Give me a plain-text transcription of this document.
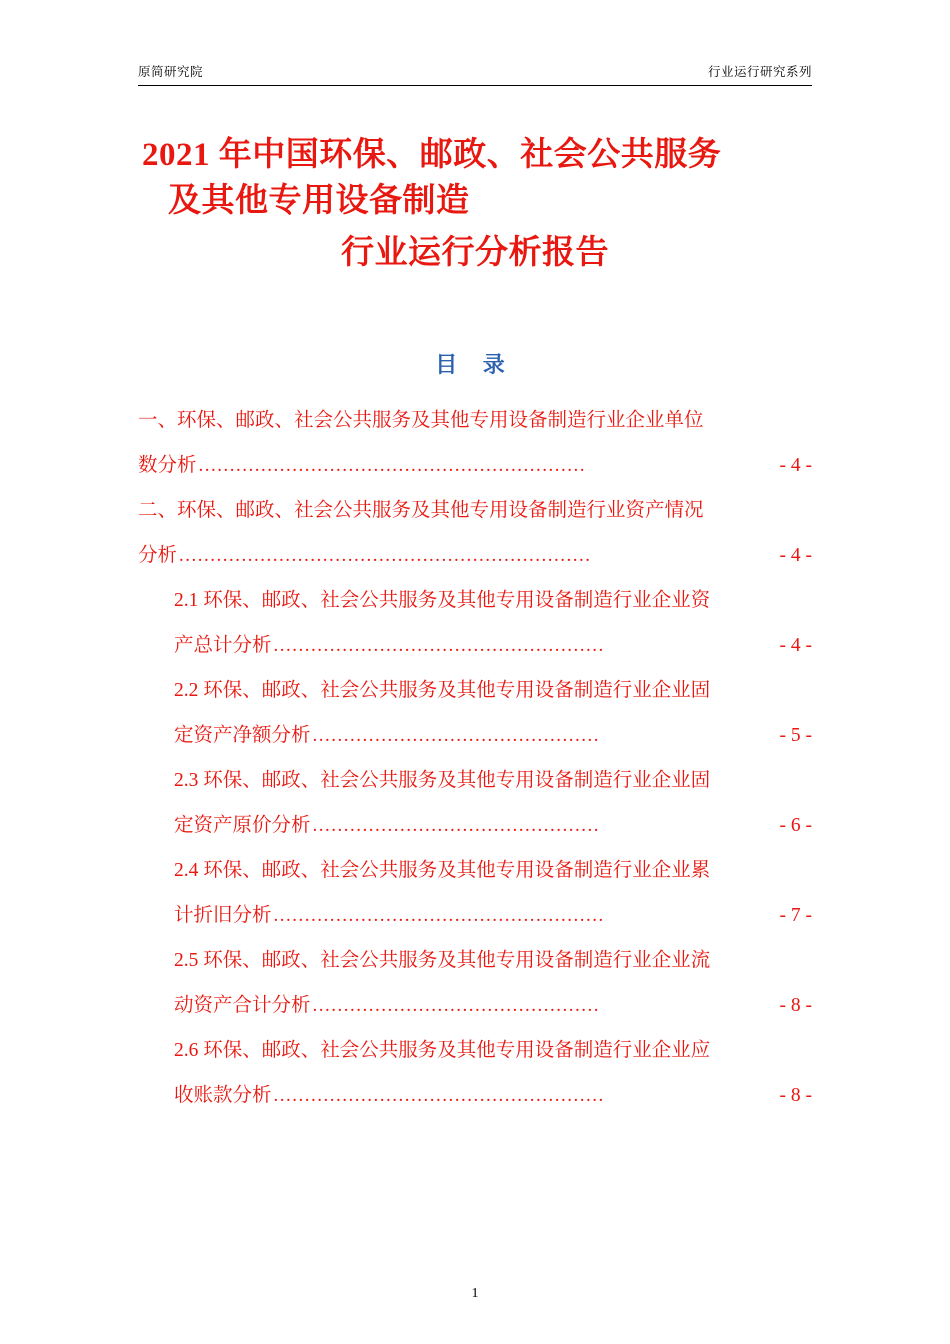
原简研究院	行业运行研究系列
2021 年中国环保、邮政、社会公共服务
及其他专用设备制造
行业运行分析报告
目 录
一、环保、邮政、社会公共服务及其他专用设备制造行业企业单位
数分析 ..............................................................	- 4 -
二、环保、邮政、社会公共服务及其他专用设备制造行业资产情况
分析 ..................................................................	- 4 -
2.1 环保、邮政、社会公共服务及其他专用设备制造行业企业资
产总计分析 .....................................................	- 4 -
2.2 环保、邮政、社会公共服务及其他专用设备制造行业企业固
定资产净额分析 ..............................................	- 5 -
2.3 环保、邮政、社会公共服务及其他专用设备制造行业企业固
定资产原价分析 ..............................................	- 6 -
2.4 环保、邮政、社会公共服务及其他专用设备制造行业企业累
计折旧分析 .....................................................	- 7 -
2.5 环保、邮政、社会公共服务及其他专用设备制造行业企业流
动资产合计分析 ..............................................	- 8 -
2.6 环保、邮政、社会公共服务及其他专用设备制造行业企业应
收账款分析 .....................................................	- 8 -
1
